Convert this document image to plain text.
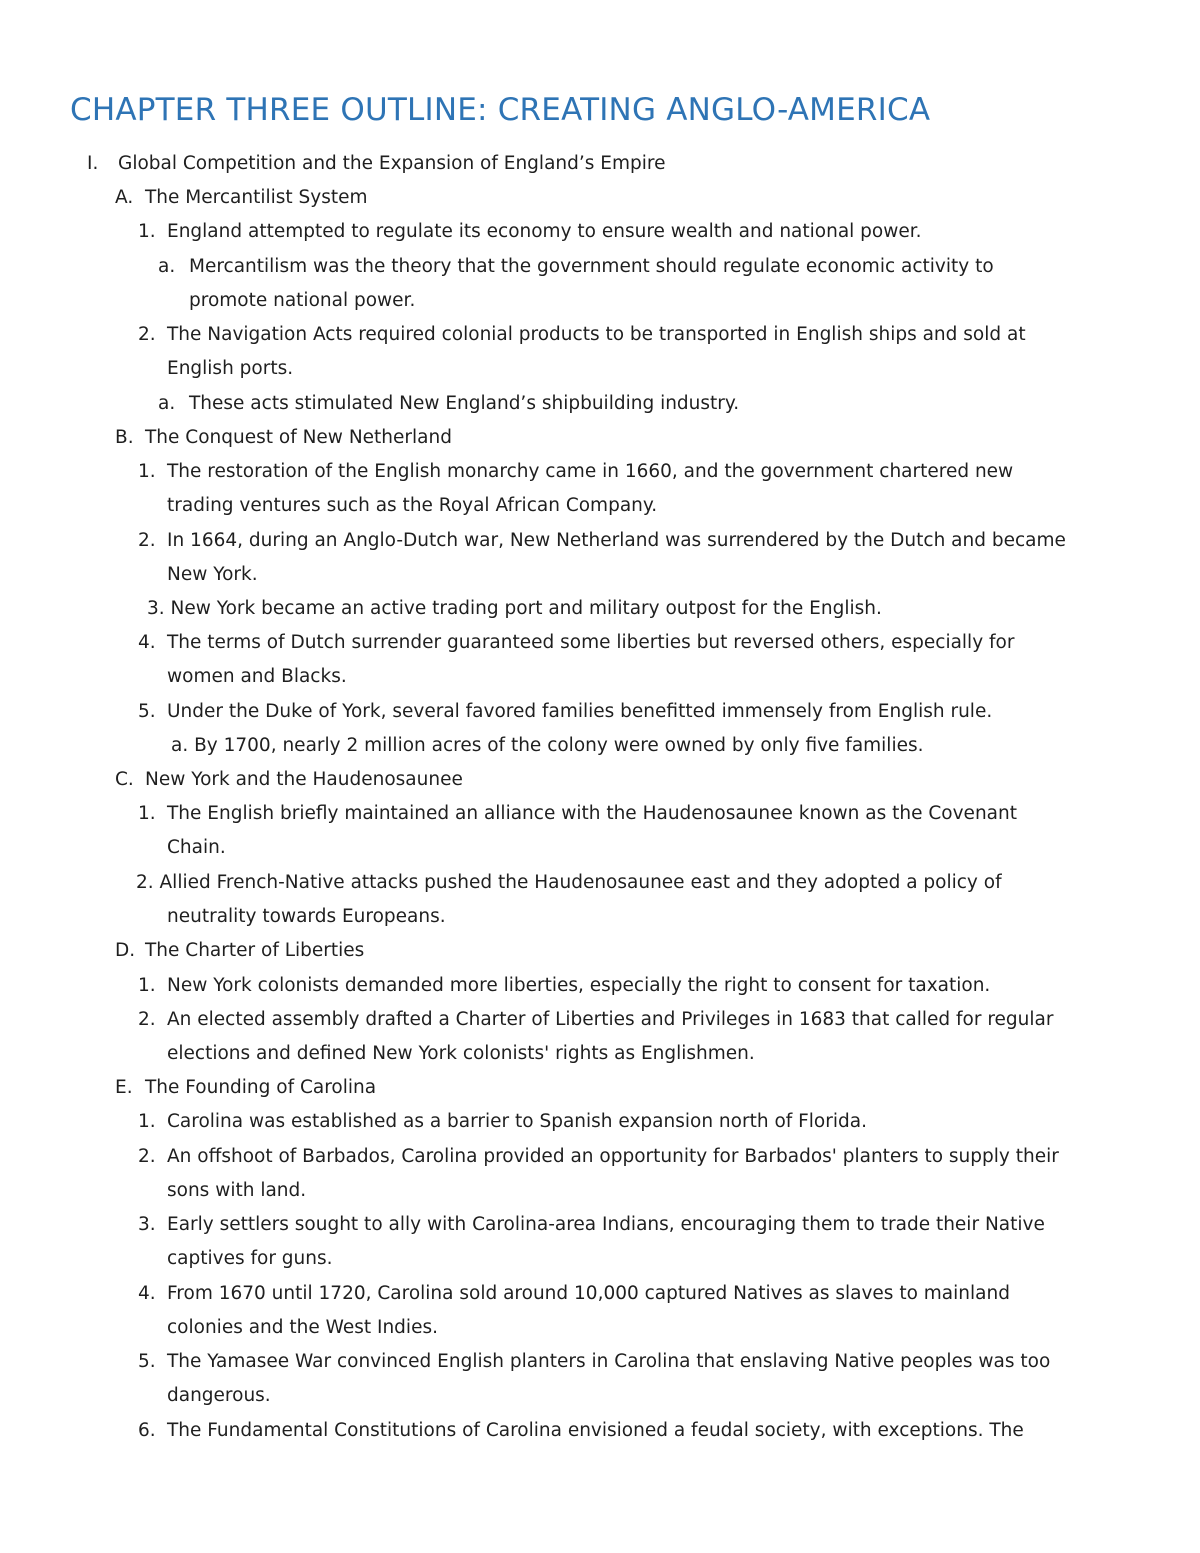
CHAPTER THREE OUTLINE: CREATING ANGLO-AMERICA
I. Global Competition and the Expansion of England’s Empire
A. The Mercantilist System
1. England attempted to regulate its economy to ensure wealth and national power.
a. Mercantilism was the theory that the government should regulate economic activity to
promote national power.
2. The Navigation Acts required colonial products to be transported in English ships and sold at
English ports.
a. These acts stimulated New England’s shipbuilding industry.
B. The Conquest of New Netherland
1. The restoration of the English monarchy came in 1660, and the government chartered new
trading ventures such as the Royal African Company.
2. In 1664, during an Anglo-Dutch war, New Netherland was surrendered by the Dutch and became
New York.
3. New York became an active trading port and military outpost for the English.
4. The terms of Dutch surrender guaranteed some liberties but reversed others, especially for
women and Blacks.
5. Under the Duke of York, several favored families benefitted immensely from English rule.
a. By 1700, nearly 2 million acres of the colony were owned by only five families.
C. New York and the Haudenosaunee
1. The English briefly maintained an alliance with the Haudenosaunee known as the Covenant
Chain.
2. Allied French-Native attacks pushed the Haudenosaunee east and they adopted a policy of
neutrality towards Europeans.
D. The Charter of Liberties
1. New York colonists demanded more liberties, especially the right to consent for taxation.
2. An elected assembly drafted a Charter of Liberties and Privileges in 1683 that called for regular
elections and defined New York colonists' rights as Englishmen.
E. The Founding of Carolina
1. Carolina was established as a barrier to Spanish expansion north of Florida.
2. An offshoot of Barbados, Carolina provided an opportunity for Barbados' planters to supply their
sons with land.
3. Early settlers sought to ally with Carolina-area Indians, encouraging them to trade their Native
captives for guns.
4. From 1670 until 1720, Carolina sold around 10,000 captured Natives as slaves to mainland
colonies and the West Indies.
5. The Yamasee War convinced English planters in Carolina that enslaving Native peoples was too
dangerous.
6. The Fundamental Constitutions of Carolina envisioned a feudal society, with exceptions. The
